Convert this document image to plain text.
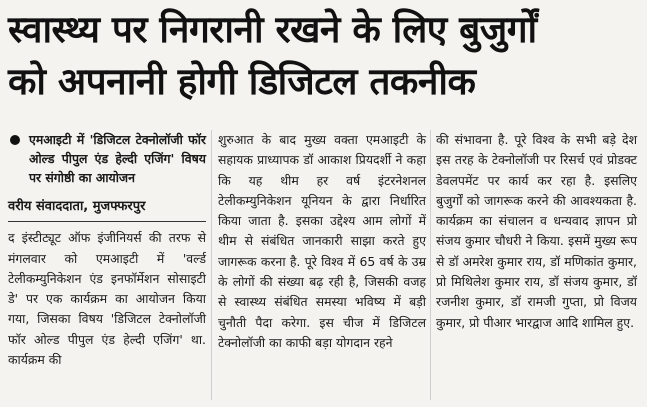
स्वास्थ्य पर निगरानी रखने के लिए बुजुर्गों
को अपनानी होगी डिजिटल तकनीक
एमआइटी में 'डिजिटल टेक्नोलॉजी फॉर ओल्ड पीपुल एंड हेल्दी एजिंग' विषय पर संगोष्ठी का आयोजन
वरीय संवाददाता, मुजफ्फरपुर
द इंस्टीट्यूट ऑफ इंजीनियर्स की तरफ से मंगलवार को एमआइटी में 'वर्ल्ड टेलीकम्युनिकेशन एंड इनफॉर्मेशन सोसाइटी डे' पर एक कार्यक्रम का आयोजन किया गया, जिसका विषय 'डिजिटल टेक्नोलॉजी फॉर ओल्ड पीपुल एंड हेल्दी एजिंग' था. कार्यक्रम की
शुरुआत के बाद मुख्य वक्ता एमआइटी के सहायक प्राध्यापक डॉ आकाश प्रियदर्शी ने कहा कि यह थीम हर वर्ष इंटरनेशनल टेलीकम्युनिकेशन यूनियन के द्वारा निर्धारित किया जाता है. इसका उद्देश्य आम लोगों में थीम से संबंधित जानकारी साझा करते हुए जागरूक करना है. पूरे विश्व में 65 वर्ष के उम्र के लोगों की संख्या बढ़ रही है, जिसकी वजह से स्वास्थ्य संबंधित समस्या भविष्य में बड़ी चुनौती पैदा करेगा. इस चीज में डिजिटल टेक्नोलॉजी का काफी बड़ा योगदान रहने
की संभावना है. पूरे विश्व के सभी बड़े देश इस तरह के टेक्नोलॉजी पर रिसर्च एवं प्रोडक्ट डेवलपमेंट पर कार्य कर रहा है. इसलिए बुजुर्गों को जागरूक करने की आवश्यकता है. कार्यक्रम का संचालन व धन्यवाद ज्ञापन प्रो संजय कुमार चौधरी ने किया. इसमें मुख्य रूप से डॉ अमरेश कुमार राय, डॉ मणिकांत कुमार, प्रो मिथिलेश कुमार राय, डॉ संजय कुमार, डॉ रजनीश कुमार, डॉ रामजी गुप्ता, प्रो विजय कुमार, प्रो पीआर भारद्वाज आदि शामिल हुए.
